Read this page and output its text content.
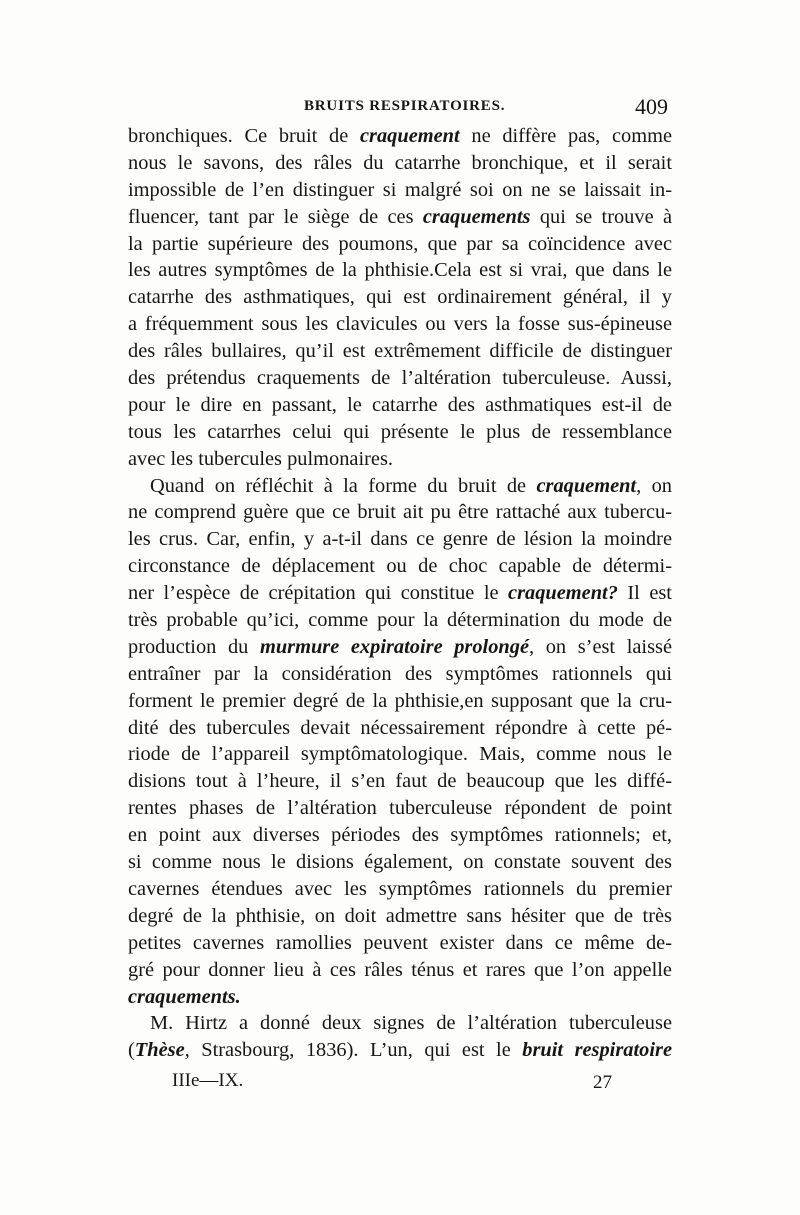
BRUITS RESPIRATOIRES.	409
bronchiques. Ce bruit de craquement ne diffère pas, comme
nous le savons, des râles du catarrhe bronchique, et il serait
impossible de l’en distinguer si malgré soi on ne se laissait in-
fluencer, tant par le siège de ces craquements qui se trouve à
la partie supérieure des poumons, que par sa coïncidence avec
les autres symptômes de la phthisie.Cela est si vrai, que dans le
catarrhe des asthmatiques, qui est ordinairement général, il y
a fréquemment sous les clavicules ou vers la fosse sus-épineuse
des râles bullaires, qu’il est extrêmement difficile de distinguer
des prétendus craquements de l’altération tuberculeuse. Aussi,
pour le dire en passant, le catarrhe des asthmatiques est-il de
tous les catarrhes celui qui présente le plus de ressemblance
avec les tubercules pulmonaires.
Quand on réfléchit à la forme du bruit de craquement, on
ne comprend guère que ce bruit ait pu être rattaché aux tubercu-
les crus. Car, enfin, y a-t-il dans ce genre de lésion la moindre
circonstance de déplacement ou de choc capable de détermi-
ner l’espèce de crépitation qui constitue le craquement? Il est
très probable qu’ici, comme pour la détermination du mode de
production du murmure expiratoire prolongé, on s’est laissé
entraîner par la considération des symptômes rationnels qui
forment le premier degré de la phthisie,en supposant que la cru-
dité des tubercules devait nécessairement répondre à cette pé-
riode de l’appareil symptômatologique. Mais, comme nous le
disions tout à l’heure, il s’en faut de beaucoup que les diffé-
rentes phases de l’altération tuberculeuse répondent de point
en point aux diverses périodes des symptômes rationnels; et,
si comme nous le disions également, on constate souvent des
cavernes étendues avec les symptômes rationnels du premier
degré de la phthisie, on doit admettre sans hésiter que de très
petites cavernes ramollies peuvent exister dans ce même de-
gré pour donner lieu à ces râles ténus et rares que l’on appelle
craquements.
M. Hirtz a donné deux signes de l’altération tuberculeuse
(Thèse, Strasbourg, 1836). L’un, qui est le bruit respiratoire
IIIe—IX.	27
